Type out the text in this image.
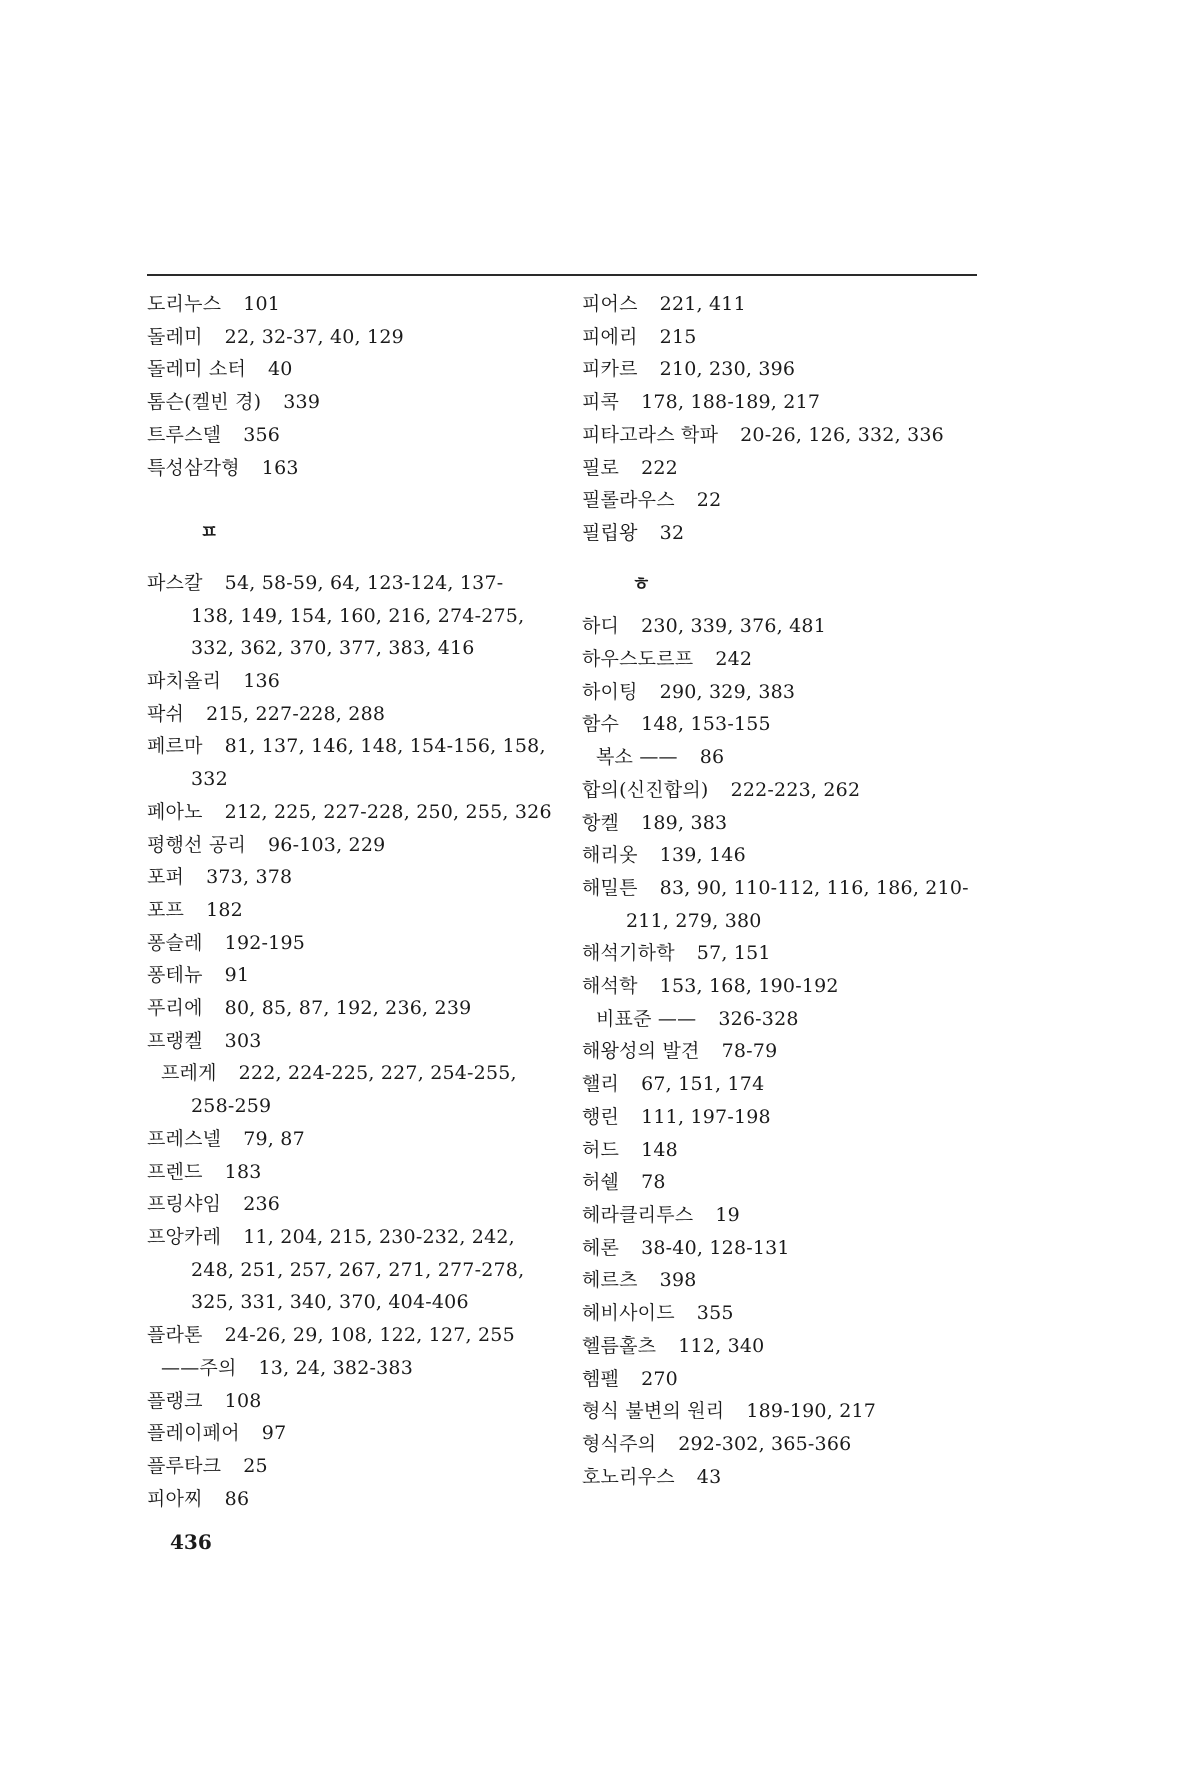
도리누스 101
돌레미 22, 32-37, 40, 129
돌레미 소터 40
톰슨(켈빈 경) 339
트루스델 356
특성삼각형 163
ㅍ
파스칼 54, 58-59, 64, 123-124, 137-
138, 149, 154, 160, 216, 274-275,
332, 362, 370, 377, 383, 416
파치올리 136
팍쉬 215, 227-228, 288
페르마 81, 137, 146, 148, 154-156, 158,
332
페아노 212, 225, 227-228, 250, 255, 326
평행선 공리 96-103, 229
포퍼 373, 378
포프 182
퐁슬레 192-195
퐁테뉴 91
푸리에 80, 85, 87, 192, 236, 239
프랭켈 303
프레게 222, 224-225, 227, 254-255,
258-259
프레스넬 79, 87
프렌드 183
프링샤임 236
프앙카레 11, 204, 215, 230-232, 242,
248, 251, 257, 267, 271, 277-278,
325, 331, 340, 370, 404-406
플라톤 24-26, 29, 108, 122, 127, 255
——주의 13, 24, 382-383
플랭크 108
플레이페어 97
플루타크 25
피아찌 86
피어스 221, 411
피에리 215
피카르 210, 230, 396
피콕 178, 188-189, 217
피타고라스 학파 20-26, 126, 332, 336
필로 222
필롤라우스 22
필립왕 32
ㅎ
하디 230, 339, 376, 481
하우스도르프 242
하이팅 290, 329, 383
함수 148, 153-155
복소 —— 86
합의(신진합의) 222-223, 262
항켈 189, 383
해리옷 139, 146
해밀튼 83, 90, 110-112, 116, 186, 210-
211, 279, 380
해석기하학 57, 151
해석학 153, 168, 190-192
비표준 —— 326-328
해왕성의 발견 78-79
핼리 67, 151, 174
행린 111, 197-198
허드 148
허쉘 78
헤라클리투스 19
헤론 38-40, 128-131
헤르츠 398
헤비사이드 355
헬름홀츠 112, 340
헴펠 270
형식 불변의 원리 189-190, 217
형식주의 292-302, 365-366
호노리우스 43
436
